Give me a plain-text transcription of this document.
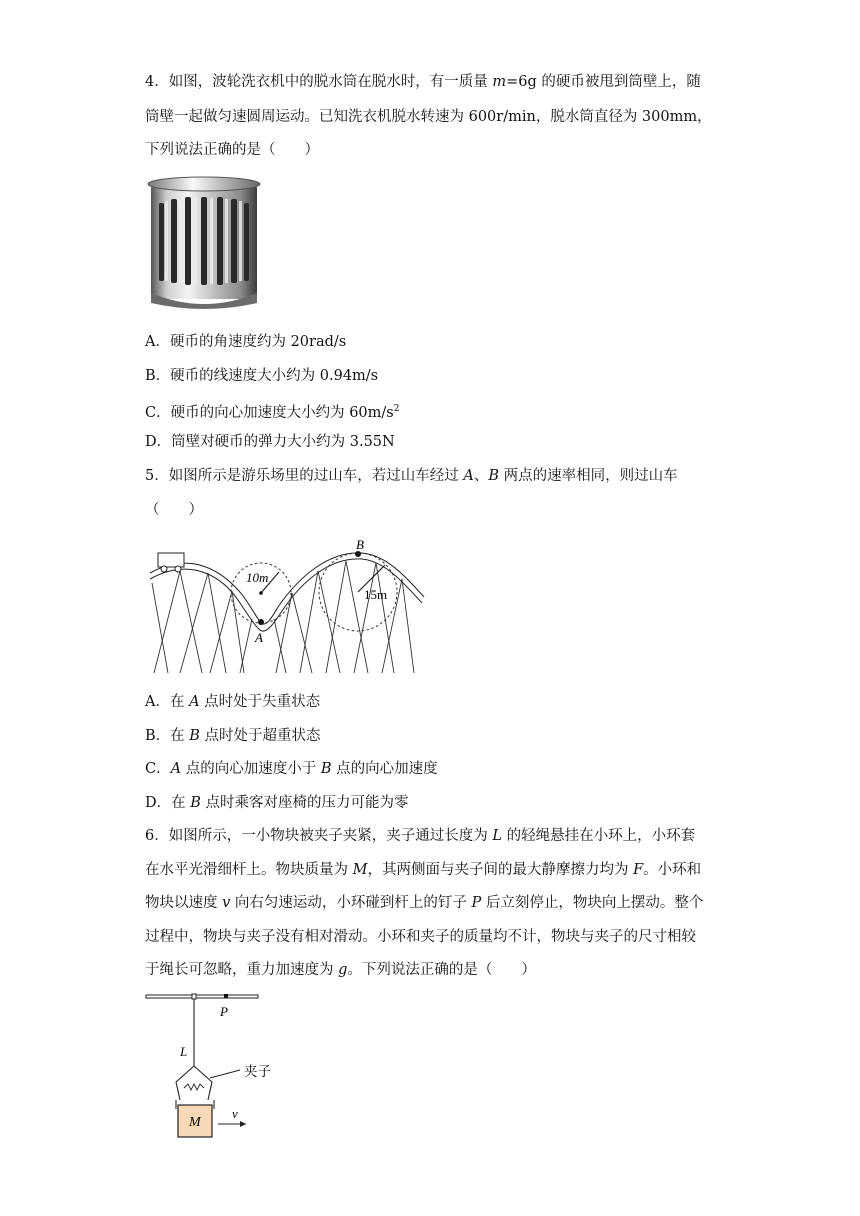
4．如图，波轮洗衣机中的脱水筒在脱水时，有一质量 m=6g 的硬币被甩到筒壁上，随
筒壁一起做匀速圆周运动。已知洗衣机脱水转速为 600r/min，脱水筒直径为 300mm，
下列说法正确的是（　　）
A．硬币的角速度约为 20rad/s
B．硬币的线速度大小约为 0.94m/s
C．硬币的向心加速度大小约为 $60m/s^2$
D．筒壁对硬币的弹力大小约为 3.55N
5．如图所示是游乐场里的过山车，若过山车经过 A、B 两点的速率相同，则过山车
（　　）
10m
A
B
15m
A．在 A 点时处于失重状态
B．在 B 点时处于超重状态
C．A 点的向心加速度小于 B 点的向心加速度
D．在 B 点时乘客对座椅的压力可能为零
6．如图所示，一小物块被夹子夹紧，夹子通过长度为 L 的轻绳悬挂在小环上，小环套
在水平光滑细杆上。物块质量为 M，其两侧面与夹子间的最大静摩擦力均为 F。小环和
物块以速度 v 向右匀速运动，小环碰到杆上的钉子 P 后立刻停止，物块向上摆动。整个
过程中，物块与夹子没有相对滑动。小环和夹子的质量均不计，物块与夹子的尺寸相较
于绳长可忽略，重力加速度为 g。下列说法正确的是（　　）
P
L
夹子
M
v
